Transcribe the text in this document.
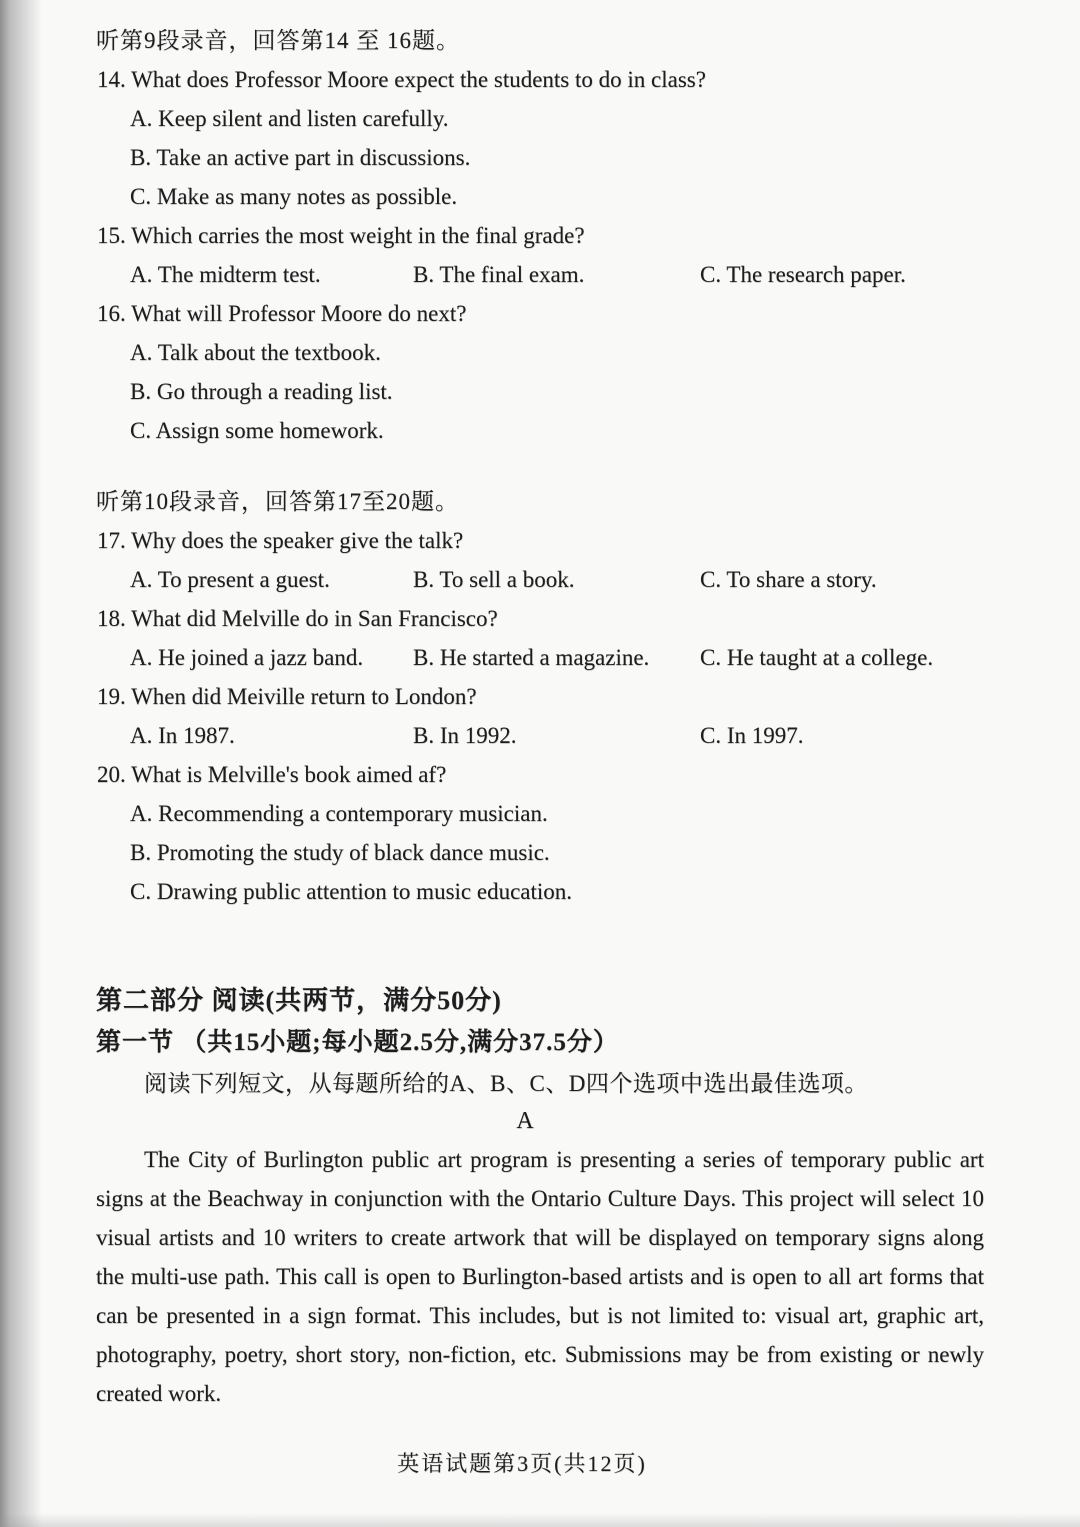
听第9段录音，回答第14 至 16题。
14. What does Professor Moore expect the students to do in class?
A. Keep silent and listen carefully.
B. Take an active part in discussions.
C. Make as many notes as possible.
15. Which carries the most weight in the final grade?
A. The midterm test.	B. The final exam.	C. The research paper.
16. What will Professor Moore do next?
A. Talk about the textbook.
B. Go through a reading list.
C. Assign some homework.
听第10段录音，回答第17至20题。
17. Why does the speaker give the talk?
A. To present a guest.	B. To sell a book.	C. To share a story.
18. What did Melville do in San Francisco?
A. He joined a jazz band. B. He started a magazine. C. He taught at a college.
19. When did Meiville return to London?
A. In 1987.	B. In 1992.	C. In 1997.
20. What is Melville's book aimed af?
A. Recommending a contemporary musician.
B. Promoting the study of black dance music.
C. Drawing public attention to music education.
第二部分 阅读(共两节，满分50分)
第一节 （共15小题;每小题2.5分,满分37.5分）
阅读下列短文，从每题所给的A、B、C、D四个选项中选出最佳选项。
A
The City of Burlington public art program is presenting a series of temporary public art signs at the Beachway in conjunction with the Ontario Culture Days. This project will select 10 visual artists and 10 writers to create artwork that will be displayed on temporary signs along the multi-use path. This call is open to Burlington-based artists and is open to all art forms that can be presented in a sign format. This includes, but is not limited to: visual art, graphic art, photography, poetry, short story, non-fiction, etc. Submissions may be from existing or newly created work.
英语试题第3页(共12页)
